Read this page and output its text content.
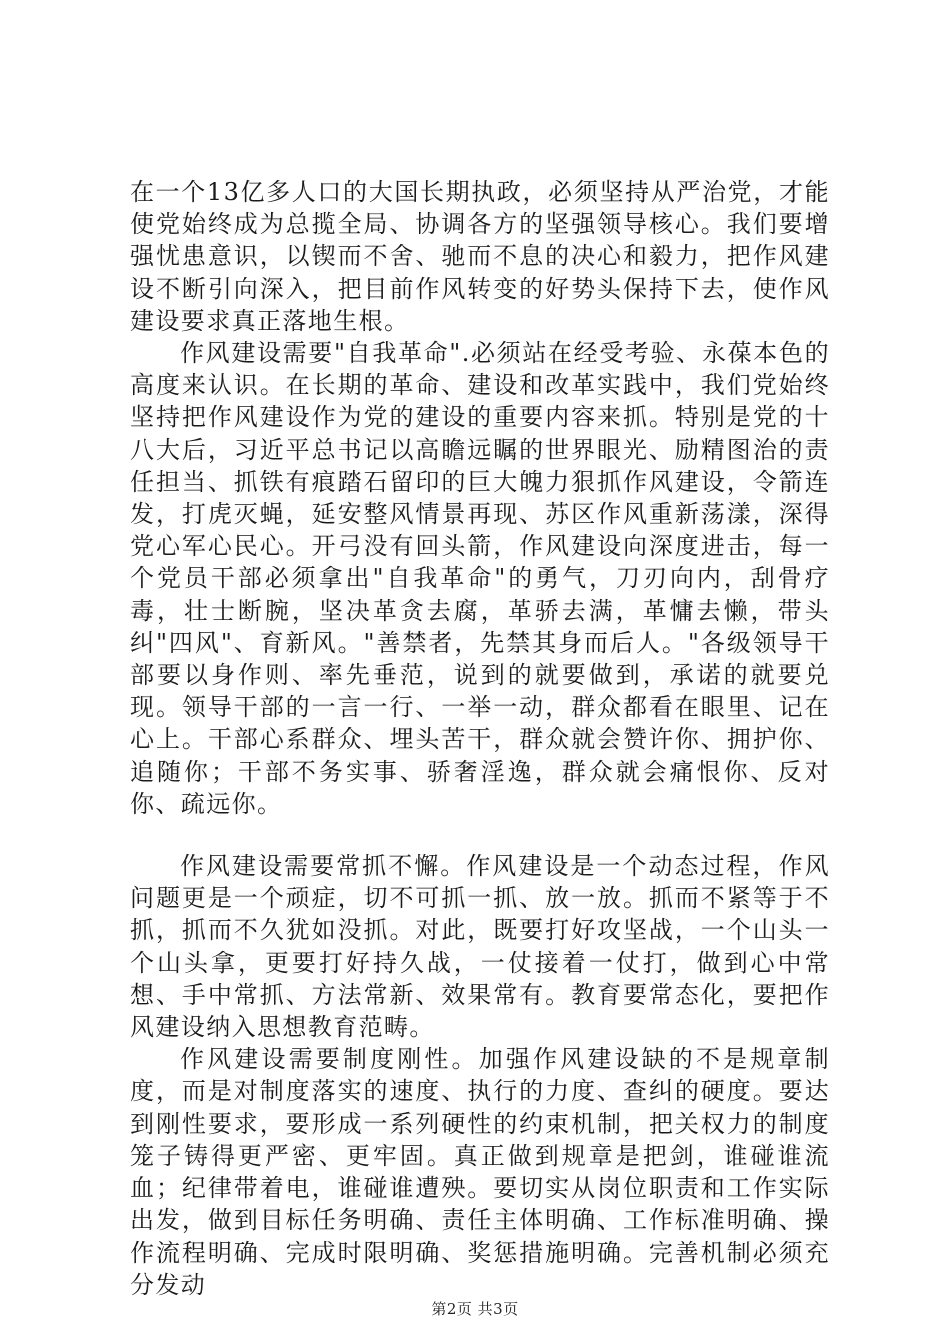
在一个13亿多人口的大国长期执政，必须坚持从严治党，才能使党始终成为总揽全局、协调各方的坚强领导核心。我们要增强忧患意识，以锲而不舍、驰而不息的决心和毅力，把作风建设不断引向深入，把目前作风转变的好势头保持下去，使作风建设要求真正落地生根。

作风建设需要"自我革命".必须站在经受考验、永葆本色的高度来认识。在长期的革命、建设和改革实践中，我们党始终坚持把作风建设作为党的建设的重要内容来抓。特别是党的十八大后，习近平总书记以高瞻远瞩的世界眼光、励精图治的责任担当、抓铁有痕踏石留印的巨大魄力狠抓作风建设，令箭连发，打虎灭蝇，延安整风情景再现、苏区作风重新荡漾，深得党心军心民心。开弓没有回头箭，作风建设向深度进击，每一个党员干部必须拿出"自我革命"的勇气，刀刃向内，刮骨疗毒，壮士断腕，坚决革贪去腐，革骄去满，革慵去懒，带头纠"四风"、育新风。"善禁者，先禁其身而后人。"各级领导干部要以身作则、率先垂范，说到的就要做到，承诺的就要兑现。领导干部的一言一行、一举一动，群众都看在眼里、记在心上。干部心系群众、埋头苦干，群众就会赞许你、拥护你、追随你；干部不务实事、骄奢淫逸，群众就会痛恨你、反对你、疏远你。

作风建设需要常抓不懈。作风建设是一个动态过程，作风问题更是一个顽症，切不可抓一抓、放一放。抓而不紧等于不抓，抓而不久犹如没抓。对此，既要打好攻坚战，一个山头一个山头拿，更要打好持久战，一仗接着一仗打，做到心中常想、手中常抓、方法常新、效果常有。教育要常态化，要把作风建设纳入思想教育范畴。

作风建设需要制度刚性。加强作风建设缺的不是规章制度，而是对制度落实的速度、执行的力度、查纠的硬度。要达到刚性要求，要形成一系列硬性的约束机制，把关权力的制度笼子铸得更严密、更牢固。真正做到规章是把剑，谁碰谁流血；纪律带着电，谁碰谁遭殃。要切实从岗位职责和工作实际出发，做到目标任务明确、责任主体明确、工作标准明确、操作流程明确、完成时限明确、奖惩措施明确。完善机制必须充分发动

第2页 共3页
